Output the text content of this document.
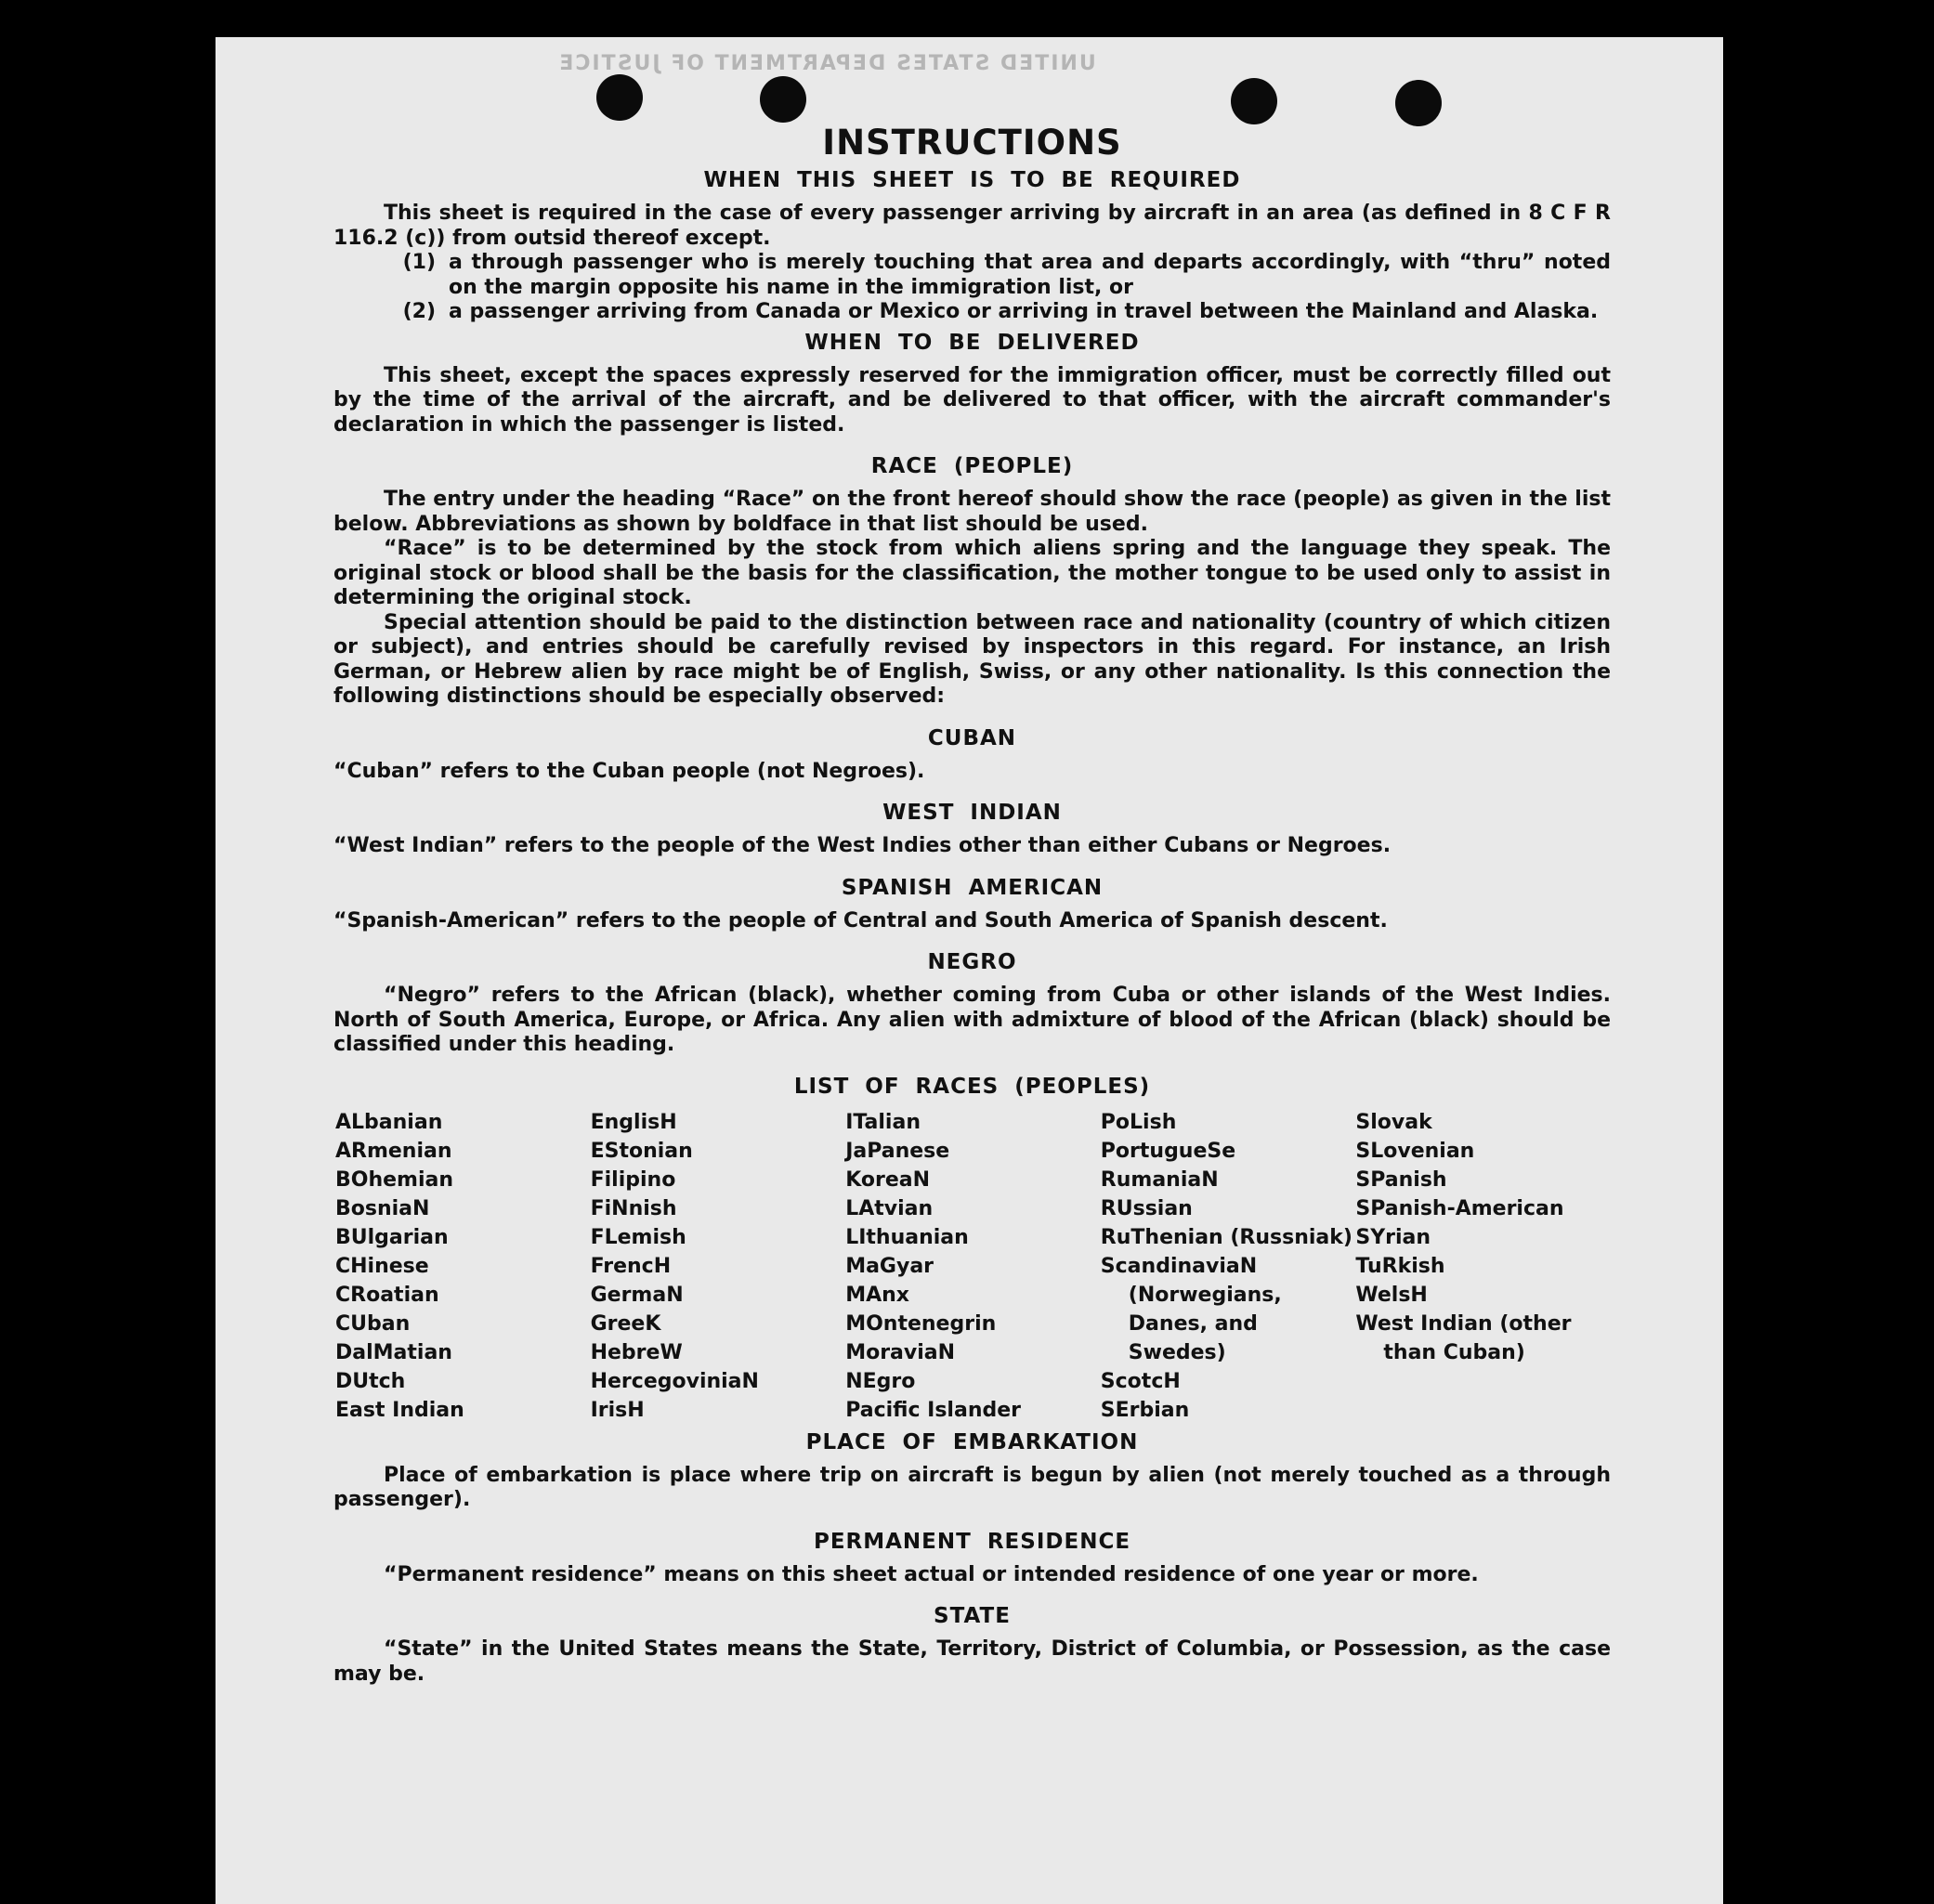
UNITED STATES DEPARTMENT OF JUSTICE
INSTRUCTIONS
WHEN THIS SHEET IS TO BE REQUIRED

This sheet is required in the case of every passenger arriving by aircraft in an area (as defined in 8 C F R 116.2 (c)) from outsid thereof except.

(1) a through passenger who is merely touching that area and departs accordingly, with “thru” noted on the margin opposite his name in the immigration list, or
(2) a passenger arriving from Canada or Mexico or arriving in travel between the Mainland and Alaska.
WHEN TO BE DELIVERED

This sheet, except the spaces expressly reserved for the immigration officer, must be correctly filled out by the time of the arrival of the aircraft, and be delivered to that officer, with the aircraft commander's declaration in which the passenger is listed.

RACE (PEOPLE)

The entry under the heading “Race” on the front hereof should show the race (people) as given in the list below. Abbreviations as shown by boldface in that list should be used.

“Race” is to be determined by the stock from which aliens spring and the language they speak. The original stock or blood shall be the basis for the classification, the mother tongue to be used only to assist in determining the original stock.

Special attention should be paid to the distinction between race and nationality (country of which citizen or subject), and entries should be carefully revised by inspectors in this regard. For instance, an Irish German, or Hebrew alien by race might be of English, Swiss, or any other nationality. Is this connection the following distinctions should be especially observed:

CUBAN

“Cuban” refers to the Cuban people (not Negroes).

WEST INDIAN

“West Indian” refers to the people of the West Indies other than either Cubans or Negroes.

SPANISH AMERICAN

“Spanish-American” refers to the people of Central and South America of Spanish descent.

NEGRO

“Negro” refers to the African (black), whether coming from Cuba or other islands of the West Indies. North of South America, Europe, or Africa. Any alien with admixture of blood of the African (black) should be classified under this heading.

LIST OF RACES (PEOPLES)
ALbanian
ARmenian
BOhemian
BosniaN
BUlgarian
CHinese
CRoatian
CUban
DalMatian
DUtch
East Indian
EnglisH
EStonian
Filipino
FiNnish
FLemish
FrencH
GermaN
GreeK
HebreW
HercegoviniaN
IrisH
ITalian
JaPanese
KoreaN
LAtvian
LIthuanian
MaGyar
MAnx
MOntenegrin
MoraviaN
NEgro
Pacific Islander
PoLish
PortugueSe
RumaniaN
RUssian
RuThenian (Russniak)
ScandinaviaN (Norwegians, Danes, and Swedes)
ScotcH
SErbian
Slovak
SLovenian
SPanish
SPanish-American
SYrian
TuRkish
WelsH
West Indian (other than Cuban)
PLACE OF EMBARKATION

Place of embarkation is place where trip on aircraft is begun by alien (not merely touched as a through passenger).

PERMANENT RESIDENCE

“Permanent residence” means on this sheet actual or intended residence of one year or more.

STATE

“State” in the United States means the State, Territory, District of Columbia, or Possession, as the case may be.
